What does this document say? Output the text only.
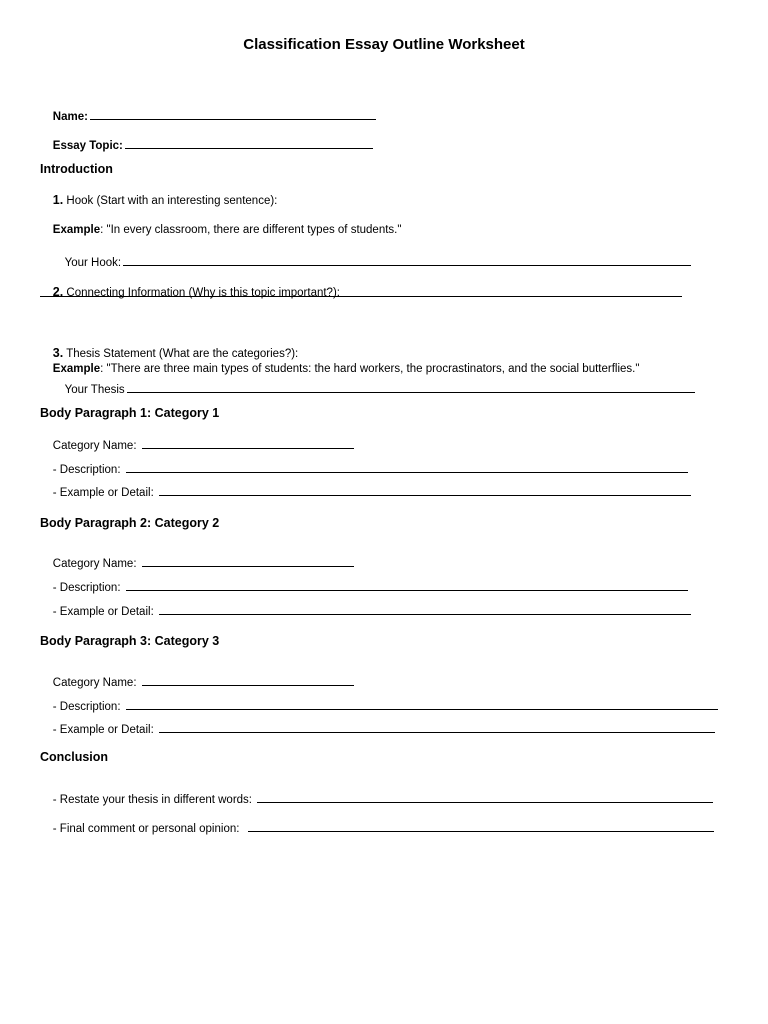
Classification Essay Outline Worksheet

Name:

Essay Topic:

Introduction

1. Hook (Start with an interesting sentence):

Example: "In every classroom, there are different types of students."

Your Hook:

2. Connecting Information (Why is this topic important?):

3. Thesis Statement (What are the categories?):

Example: "There are three main types of students: the hard workers, the procrastinators, and the social butterflies."

Your Thesis

Body Paragraph 1: Category 1

Category Name:

- Description:

- Example or Detail:

Body Paragraph 2: Category 2

Category Name:

- Description:

- Example or Detail:

Body Paragraph 3: Category 3

Category Name:

- Description:

- Example or Detail:

Conclusion

- Restate your thesis in different words:

- Final comment or personal opinion:
